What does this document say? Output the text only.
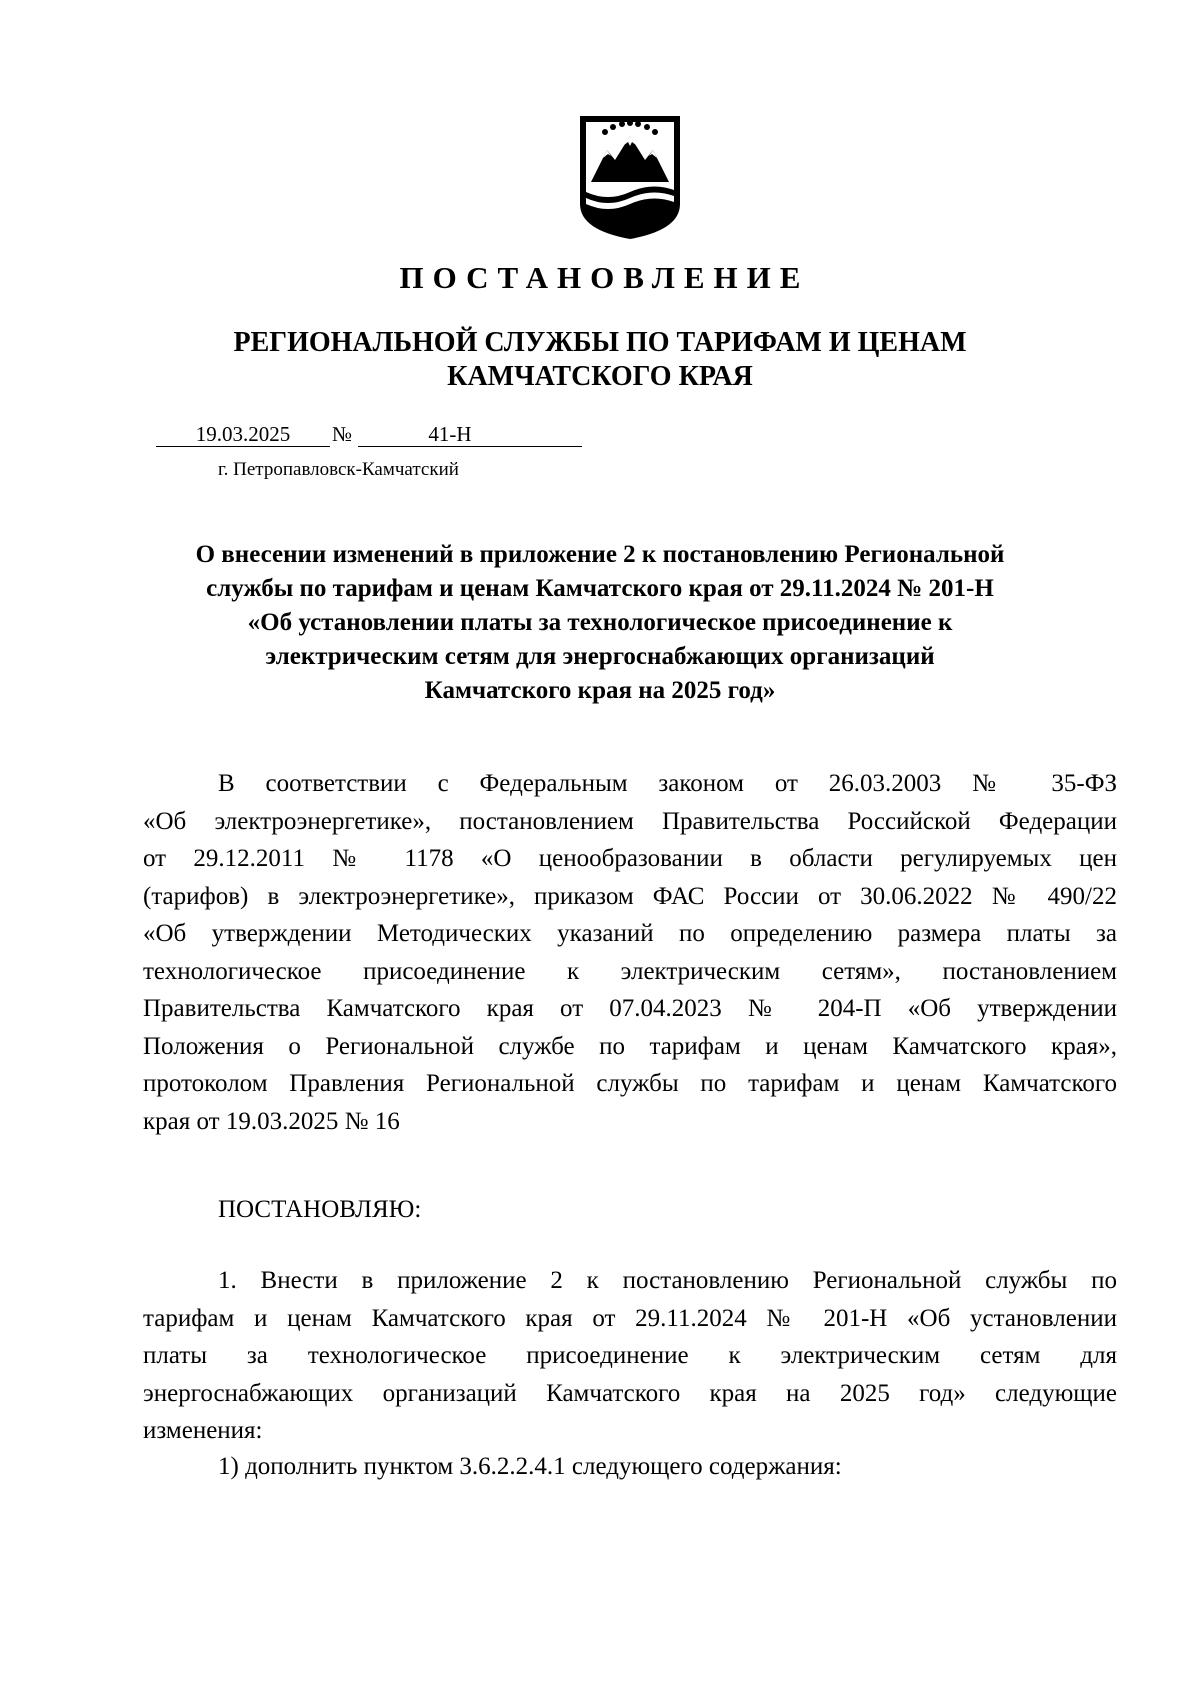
ПОСТАНОВЛЕНИЕ
РЕГИОНАЛЬНОЙ СЛУЖБЫ ПО ТАРИФАМ И ЦЕНАМ
КАМЧАТСКОГО КРАЯ
19.03.2025	№	41-Н
г. Петропавловск-Камчатский
О внесении изменений в приложение 2 к постановлению Региональной
службы по тарифам и ценам Камчатского края от 29.11.2024 № 201-Н
«Об установлении платы за технологическое присоединение к
электрическим сетям для энергоснабжающих организаций
Камчатского края на 2025 год»
В соответствии с Федеральным законом от 26.03.2003 № 35-ФЗ
«Об электроэнергетике», постановлением Правительства Российской Федерации
от 29.12.2011 № 1178 «О ценообразовании в области регулируемых цен
(тарифов) в электроэнергетике», приказом ФАС России от 30.06.2022 № 490/22
«Об утверждении Методических указаний по определению размера платы за
технологическое присоединение к электрическим сетям», постановлением
Правительства Камчатского края от 07.04.2023 № 204-П «Об утверждении
Положения о Региональной службе по тарифам и ценам Камчатского края»,
протоколом Правления Региональной службы по тарифам и ценам Камчатского
края от 19.03.2025 № 16
ПОСТАНОВЛЯЮ:
1. Внести в приложение 2 к постановлению Региональной службы по
тарифам и ценам Камчатского края от 29.11.2024 № 201-Н «Об установлении
платы за технологическое присоединение к электрическим сетям для
энергоснабжающих организаций Камчатского края на 2025 год» следующие
изменения:
1) дополнить пунктом 3.6.2.2.4.1 следующего содержания:
